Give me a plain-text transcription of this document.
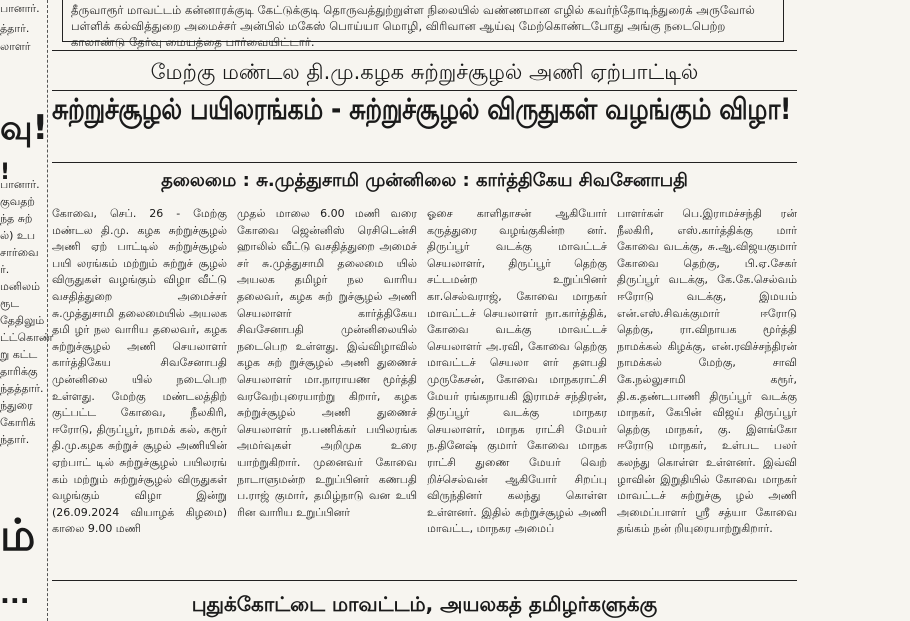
பானார்.
த்தார்.
லாளர்
வு!
!
பானார்.
குவதற்
ந்த சுற்
ல்) உப
சார்வை
ர்.
மனிலம்
ரூட
தேதிலும்
ட்ட்கொண்
று கட்ட
தாரிக்கு
ந்தத்தார்.
ந்துரை
கோரிக்
ந்தார்.
ம்
...

தீருவாரூர் மாவட்டம் கன்னாரக்குடி கேட்டுக்குடி தொருவத்துற்றுள்ள நிலையில் வண்ணமான எழில் கவர்ந்தோடிந்துரைக் அருவோல்

பள்ளிக் கல்வித்துறை அமைச்சர் அன்பில் மகேஸ் பொய்யா மொழி, விரிவான ஆய்வு மேற்கொண்டபோது அங்கு நடைபெற்ற

காலாண்டு தேர்வு மையத்தை பார்வையிட்டார்.

மேற்கு மண்டல தி.மு.கழக சுற்றுச்சூழல் அணி ஏற்பாட்டில்
சுற்றுச்சூழல் பயிலரங்கம் - சுற்றுச்சூழல் விருதுகள் வழங்கும் விழா!
தலைமை : சு.முத்துசாமி முன்னிலை : கார்த்திகேய சிவசேனாபதி

கோவை, செப். 26 - மேற்கு மண்டல தி.மு. கழக சுற்றுச்சூழல் அணி ஏற் பாட்டில் சுற்றுச்சூழல் பயி லரங்கம் மற்றும் சுற்றுச் சூழல் விருதுகள் வழங்கும் விழா வீட்டு வசதித்துறை அமைச்சர் சு.முத்துசாமி தலைமையில் அயலக தமி ழர் நல வாரிய தலைவர், கழக சுற்றுச்சூழல் அணி செயலாளர் கார்த்திகேய சிவசேனாபதி முன்னிலை யில் நடைபெற உள்ளது. மேற்கு மண்டலத்திற் குட்பட்ட கோவை, நீலகிரி, ஈரோடு, திருப்பூர், நாமக் கல், கரூர் தி.மு.கழக சுற்றுச் சூழல் அணியின் ஏற்பாட் டில் சுற்றுச்சூழல் பயிலரங் கம் மற்றும் சுற்றுச்சூழல் விருதுகள் வழங்கும் விழா இன்று (26.09.2024 வியாழக் கிழமை) காலை 9.00 மணி

முதல் மாலை 6.00 மணி வரை கோவை ஜென்னிஸ் ரெசிடென்சி ஹாலில் வீட்டு வசதித்துறை அமைச் சர் சு.முத்துசாமி தலைமை யில் அயலக தமிழர் நல வாரிய தலைவர், கழக சுற் றுச்சூழல் அணி செயலாளர் கார்த்திகேய சிவசேனாபதி முன்னிலையில் நடைபெற உள்ளது. இவ்விழாவில் கழக சுற் றுச்சூழல் அணி துணைச் செயலாளர் மா.நாராயண மூர்த்தி வரவேற்புரையாற்று கிறார், கழக சுற்றுச்சூழல் அணி துணைச் செயலாளர் ந.பணிக்கர் பயிலரங்க அமர்வுகள் அறிமுக உரை யாற்றுகிறார். முனைவர் கோவை நாடாளுமன்ற உறுப்பினர் கணபதி ப.ராஜ் குமார், தமிழ்நாடு வன உயி ரின வாரிய உறுப்பினர்

ஓசை காளிதாசன் ஆகியோர் கருத்துரை வழங்குகின்ற னர். திருப்பூர் வடக்கு மாவட்டச் செயலாளர், திருப்பூர் தெற்கு சட்டமன்ற உறுப்பினர் கா.செல்வராஜ், கோவை மாநகர் மாவட்டச் செயலாளர் நா.கார்த்திக், கோவை வடக்கு மாவட்டச் செயலாளர் அ.ரவி, கோவை தெற்கு மாவட்டச் செயலா ளர் தளபதி முருகேசன், கோவை மாநகராட்சி மேயர் ரங்கநாயகி இராமச் சந்திரன், திருப்பூர் வடக்கு மாநகர செயலாளர், மாநக ராட்சி மேயர் ந.தினேஷ் குமார் கோவை மாநக ராட்சி துணை மேயர் வெற் றிச்செல்வன் ஆகியோர் சிறப்பு விருந்தினர் கலந்து கொள்ள உள்ளனர். இதில் சுற்றுச்சூழல் அணி மாவட்ட, மாநகர அமைப்

பாளர்கள் பெ.இராமச்சந்தி ரன் நீலகிரி, எஸ்.கார்த்திக்கு மார் கோவை வடக்கு, சு.ஆ.விஜயகுமார் கோவை தெற்கு, பி.ஏ.சேகர் திருப்பூர் வடக்கு, கே.கே.செல்வம் ஈரோடு வடக்கு, இமயம் என்.எஸ்.சிவக்குமார் ஈரோடு தெற்கு, ரா.விநாயக மூர்த்தி நாமக்கல் கிழக்கு, என்.ரவிச்சந்திரன் நாமக்கல் மேற்கு, சாவி கே.நல்லுசாமி கரூர், தி.க.தண்டபாணி திருப்பூர் வடக்கு மாநகர், கேபின் விஜய் திருப்பூர் தெற்கு மாநகர், கு. இளங்கோ ஈரோடு மாநகர், உள்பட பலர் கலந்து கொள்ள உள்ளனர். இவ்வி ழாவின் இறுதியில் கோவை மாநகர் மாவட்டச் சுற்றுச்சூ ழல் அணி அமைப்பாளர் ஸ்ரீ சத்யா கோவை தங்கம் நன் றியுரையாற்றுகிறார்.

புதுக்கோட்டை மாவட்டம், அயலகத் தமிழர்களுக்கு
